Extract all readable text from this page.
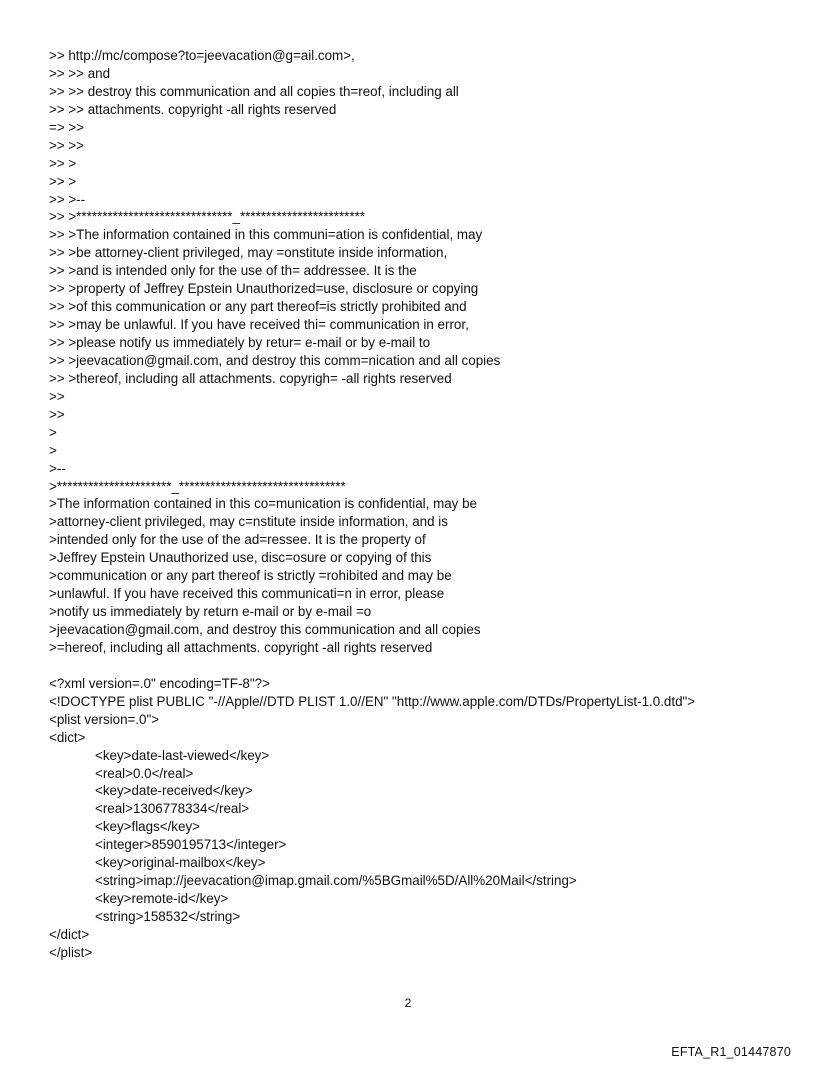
>> http://mc/compose?to=jeevacation@g=ail.com>,
>> >> and
>> >> destroy this communication and all copies th=reof, including all
>> >> attachments. copyright -all rights reserved
=> >>
>> >>
>> >
>> >
>> >--
>> >******************************_************************
>> >The information contained in this communi=ation is confidential, may
>> >be attorney-client privileged, may =onstitute inside information,
>> >and is intended only for the use of th= addressee. It is the
>> >property of Jeffrey Epstein Unauthorized=use, disclosure or copying
>> >of this communication or any part thereof=is strictly prohibited and
>> >may be unlawful. If you have received thi= communication in error,
>> >please notify us immediately by retur= e-mail or by e-mail to
>> >jeevacation@gmail.com, and destroy this comm=nication and all copies
>> >thereof, including all attachments. copyrigh= -all rights reserved
>>
>>
>
>
>--
>**********************_********************************
>The information contained in this co=munication is confidential, may be
>attorney-client privileged, may c=nstitute inside information, and is
>intended only for the use of the ad=ressee. It is the property of
>Jeffrey Epstein Unauthorized use, disc=osure or copying of this
>communication or any part thereof is strictly =rohibited and may be
>unlawful. If you have received this communicati=n in error, please
>notify us immediately by return e-mail or by e-mail =o
>jeevacation@gmail.com, and destroy this communication and all copies
>=hereof, including all attachments. copyright -all rights reserved
<?xml version=.0" encoding=TF-8"?>
<!DOCTYPE plist PUBLIC "-//Apple//DTD PLIST 1.0//EN" "http://www.apple.com/DTDs/PropertyList-1.0.dtd">
<plist version=.0">
<dict>
<key>date-last-viewed</key>
<real>0.0</real>
<key>date-received</key>
<real>1306778334</real>
<key>flags</key>
<integer>8590195713</integer>
<key>original-mailbox</key>
<string>imap://jeevacation@imap.gmail.com/%5BGmail%5D/All%20Mail</string>
<key>remote-id</key>
<string>158532</string>
</dict>
</plist>
2
EFTA_R1_01447870
